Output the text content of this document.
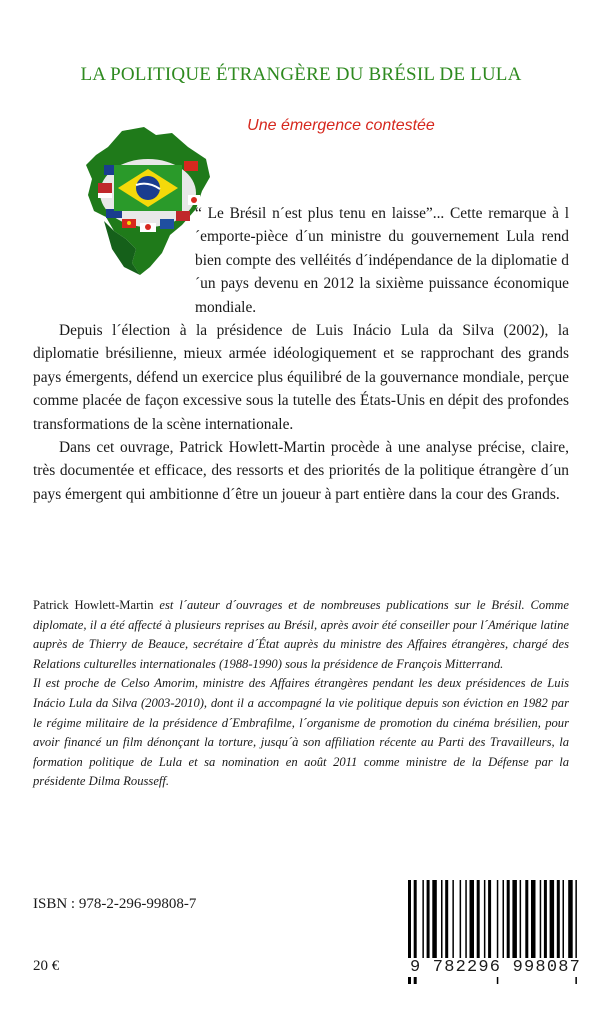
LA POLITIQUE ÉTRANGÈRE DU BRÉSIL DE LULA
Une émergence contestée

“ Le Brésil n´est plus tenu en laisse”... Cette remarque à l´emporte-pièce d´un ministre du gouvernement Lula rend bien compte des velléités d´indépendance de la diplomatie d´un pays devenu en 2012 la sixième puissance économique mondiale.

Depuis l´élection à la présidence de Luis Inácio Lula da Silva (2002), la diplomatie brésilienne, mieux armée idéologiquement et se rapprochant des grands pays émergents, défend un exercice plus équilibré de la gouvernance mondiale, perçue comme placée de façon excessive sous la tutelle des États-Unis en dépit des profondes transformations de la scène internationale.

Dans cet ouvrage, Patrick Howlett-Martin procède à une analyse précise, claire, très documentée et efficace, des ressorts et des priorités de la politique étrangère d´un pays émergent qui ambitionne d´être un joueur à part entière dans la cour des Grands.

Patrick Howlett-Martin est l´auteur d´ouvrages et de nombreuses publications sur le Brésil. Comme diplomate, il a été affecté à plusieurs reprises au Brésil, après avoir été conseiller pour l´Amérique latine auprès de Thierry de Beauce, secrétaire d´État auprès du ministre des Affaires étrangères, chargé des Relations culturelles internationales (1988-1990) sous la présidence de François Mitterrand.

Il est proche de Celso Amorim, ministre des Affaires étrangères pendant les deux présidences de Luis Inácio Lula da Silva (2003-2010), dont il a accompagné la vie politique depuis son éviction en 1982 par le régime militaire de la présidence d´Embrafilme, l´organisme de promotion du cinéma brésilien, pour avoir financé un film dénonçant la torture, jusqu´à son affiliation récente au Parti des Travailleurs, la formation politique de Lula et sa nomination en août 2011 comme ministre de la Défense par la présidente Dilma Rousseff.

ISBN : 978-2-296-99808-7
20 €	9 782296 998087
